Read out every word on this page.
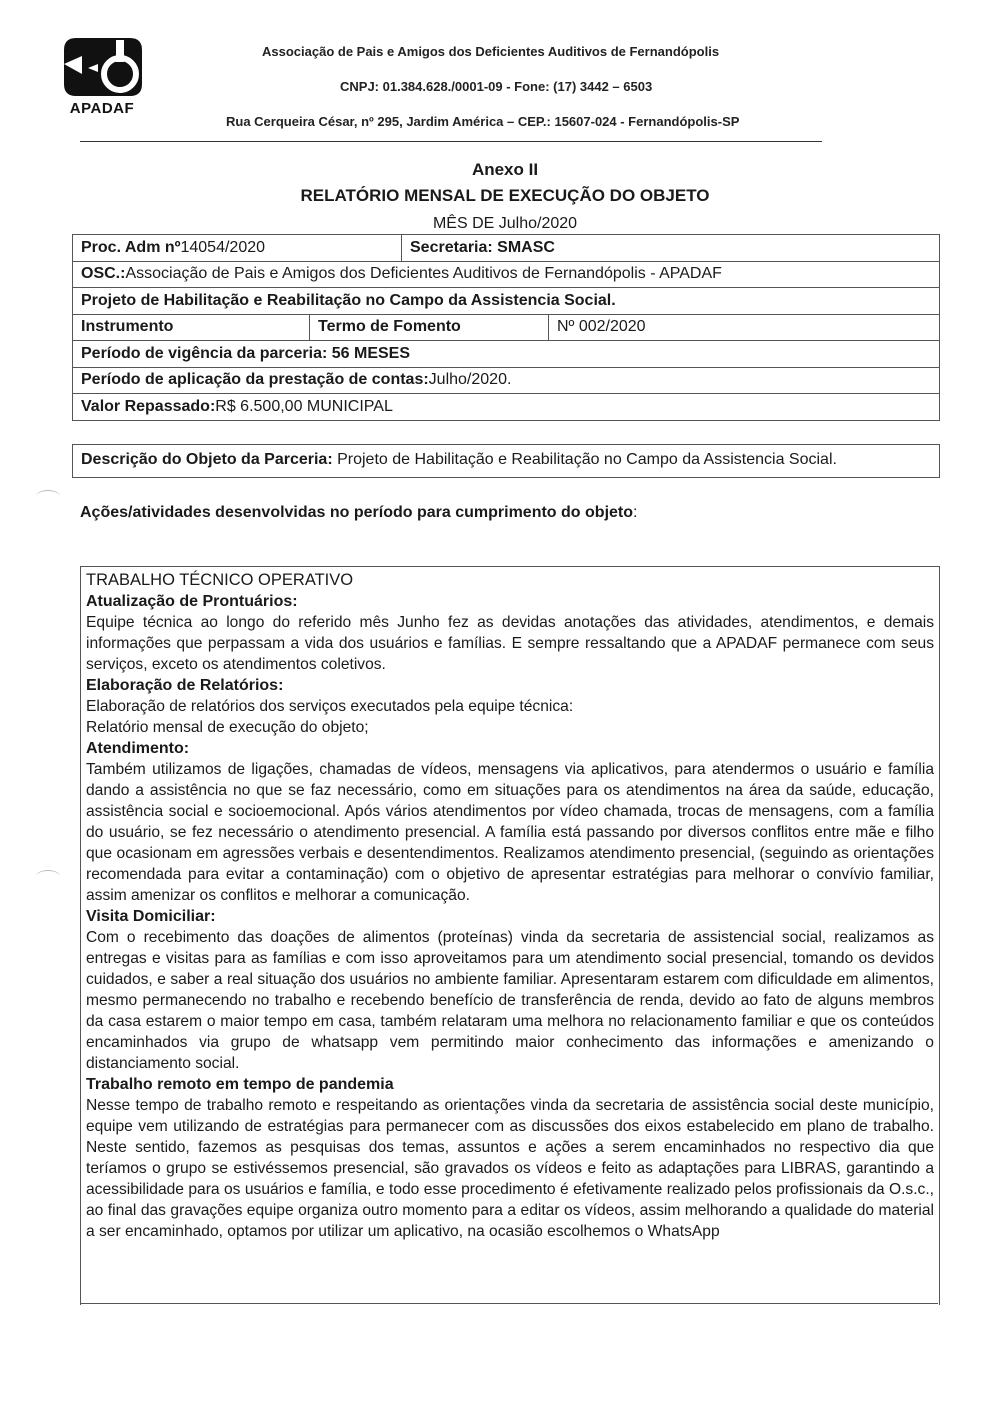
APADAF
Associação de Pais e Amigos dos Deficientes Auditivos de Fernandópolis
CNPJ: 01.384.628./0001-09 - Fone: (17) 3442 – 6503
Rua Cerqueira César, nº 295, Jardim América – CEP.: 15607-024 - Fernandópolis-SP
Anexo II
RELATÓRIO MENSAL DE EXECUÇÃO DO OBJETO
MÊS DE Julho/2020
Proc. Adm nº 14054/2020	Secretaria: SMASC
OSC.: Associação de Pais e Amigos dos Deficientes Auditivos de Fernandópolis - APADAF
Projeto de Habilitação e Reabilitação no Campo da Assistencia Social.
Instrumento	Termo de Fomento	Nº 002/2020
Período de vigência da parceria: 56 MESES
Período de aplicação da prestação de contas: Julho/2020.
Valor Repassado: R$ 6.500,00 MUNICIPAL
Descrição do Objeto da Parceria: Projeto de Habilitação e Reabilitação no Campo da Assistencia Social.
Ações/atividades desenvolvidas no período para cumprimento do objeto:
TRABALHO TÉCNICO OPERATIVO
Atualização de Prontuários:

Equipe técnica ao longo do referido mês Junho fez as devidas anotações das atividades, atendimentos, e demais informações que perpassam a vida dos usuários e famílias. E sempre ressaltando que a APADAF permanece com seus serviços, exceto os atendimentos coletivos.

Elaboração de Relatórios:

Elaboração de relatórios dos serviços executados pela equipe técnica:

Relatório mensal de execução do objeto;

Atendimento:

Também utilizamos de ligações, chamadas de vídeos, mensagens via aplicativos, para atendermos o usuário e família dando a assistência no que se faz necessário, como em situações para os atendimentos na área da saúde, educação, assistência social e socioemocional. Após vários atendimentos por vídeo chamada, trocas de mensagens, com a família do usuário, se fez necessário o atendimento presencial. A família está passando por diversos conflitos entre mãe e filho que ocasionam em agressões verbais e desentendimentos. Realizamos atendimento presencial, (seguindo as orientações recomendada para evitar a contaminação) com o objetivo de apresentar estratégias para melhorar o convívio familiar, assim amenizar os conflitos e melhorar a comunicação.

Visita Domiciliar:

Com o recebimento das doações de alimentos (proteínas) vinda da secretaria de assistencial social, realizamos as entregas e visitas para as famílias e com isso aproveitamos para um atendimento social presencial, tomando os devidos cuidados, e saber a real situação dos usuários no ambiente familiar. Apresentaram estarem com dificuldade em alimentos, mesmo permanecendo no trabalho e recebendo benefício de transferência de renda, devido ao fato de alguns membros da casa estarem o maior tempo em casa, também relataram uma melhora no relacionamento familiar e que os conteúdos encaminhados via grupo de whatsapp vem permitindo maior conhecimento das informações e amenizando o distanciamento social.

Trabalho remoto em tempo de pandemia

Nesse tempo de trabalho remoto e respeitando as orientações vinda da secretaria de assistência social deste município, equipe vem utilizando de estratégias para permanecer com as discussões dos eixos estabelecido em plano de trabalho. Neste sentido, fazemos as pesquisas dos temas, assuntos e ações a serem encaminhados no respectivo dia que teríamos o grupo se estivéssemos presencial, são gravados os vídeos e feito as adaptações para LIBRAS, garantindo a acessibilidade para os usuários e família, e todo esse procedimento é efetivamente realizado pelos profissionais da O.s.c., ao final das gravações equipe organiza outro momento para a editar os vídeos, assim melhorando a qualidade do material a ser encaminhado, optamos por utilizar um aplicativo, na ocasião escolhemos o WhatsApp
